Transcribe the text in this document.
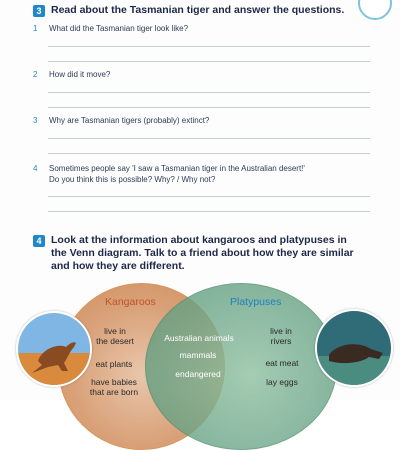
3 Read about the Tasmanian tiger and answer the questions.
1 What did the Tasmanian tiger look like?
2 How did it move?
3 Why are Tasmanian tigers (probably) extinct?
4 Sometimes people say 'I saw a Tasmanian tiger in the Australian desert!'
Do you think this is possible? Why? / Why not?
4 Look at the information about kangaroos and platypuses in
the Venn diagram. Talk to a friend about how they are similar
and how they are different.
Kangaroos	Platypuses
live in
the desert
eat plants
have babies
that are born
Australian animals
mammals
endangered
live in
rivers
eat meat
lay eggs
